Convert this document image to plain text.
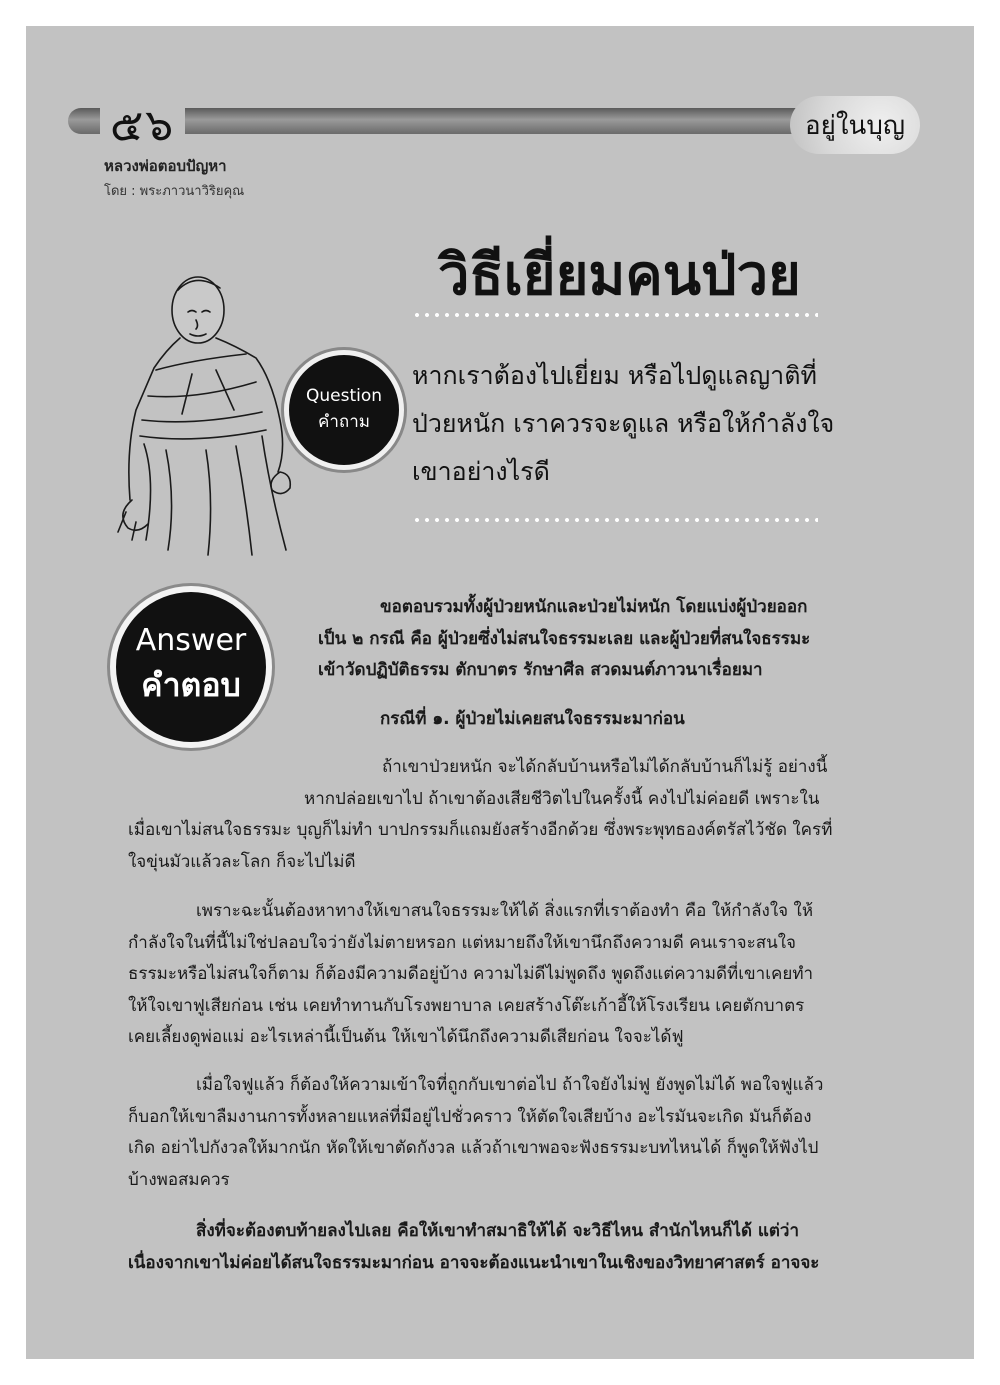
๕๖	อยู่ในบุญ
หลวงพ่อตอบปัญหา
โดย : พระภาวนาวิริยคุณ
วิธีเยี่ยมคนป่วย
Question
คำถาม
หากเราต้องไปเยี่ยม หรือไปดูแลญาติที่
ป่วยหนัก เราควรจะดูแล หรือให้กำลังใจ
เขาอย่างไรดี
Answer
คำตอบ
ขอตอบรวมทั้งผู้ป่วยหนักและป่วยไม่หนัก โดยแบ่งผู้ป่วยออก
เป็น ๒ กรณี คือ ผู้ป่วยซึ่งไม่สนใจธรรมะเลย และผู้ป่วยที่สนใจธรรมะ
เข้าวัดปฏิบัติธรรม ตักบาตร รักษาศีล สวดมนต์ภาวนาเรื่อยมา
กรณีที่ ๑. ผู้ป่วยไม่เคยสนใจธรรมะมาก่อน
ถ้าเขาป่วยหนัก จะได้กลับบ้านหรือไม่ได้กลับบ้านก็ไม่รู้ อย่างนี้
หากปล่อยเขาไป ถ้าเขาต้องเสียชีวิตไปในครั้งนี้ คงไปไม่ค่อยดี เพราะใน
เมื่อเขาไม่สนใจธรรมะ บุญก็ไม่ทำ บาปกรรมก็แถมยังสร้างอีกด้วย ซึ่งพระพุทธองค์ตรัสไว้ชัด ใครที่
ใจขุ่นมัวแล้วละโลก ก็จะไปไม่ดี
เพราะฉะนั้นต้องหาทางให้เขาสนใจธรรมะให้ได้ สิ่งแรกที่เราต้องทำ คือ ให้กำลังใจ ให้
กำลังใจในที่นี้ไม่ใช่ปลอบใจว่ายังไม่ตายหรอก แต่หมายถึงให้เขานึกถึงความดี คนเราจะสนใจ
ธรรมะหรือไม่สนใจก็ตาม ก็ต้องมีความดีอยู่บ้าง ความไม่ดีไม่พูดถึง พูดถึงแต่ความดีที่เขาเคยทำ
ให้ใจเขาฟูเสียก่อน เช่น เคยทำทานกับโรงพยาบาล เคยสร้างโต๊ะเก้าอี้ให้โรงเรียน เคยตักบาตร
เคยเลี้ยงดูพ่อแม่ อะไรเหล่านี้เป็นต้น ให้เขาได้นึกถึงความดีเสียก่อน ใจจะได้ฟู
เมื่อใจฟูแล้ว ก็ต้องให้ความเข้าใจที่ถูกกับเขาต่อไป ถ้าใจยังไม่ฟู ยังพูดไม่ได้ พอใจฟูแล้ว
ก็บอกให้เขาลืมงานการทั้งหลายแหล่ที่มีอยู่ไปชั่วคราว ให้ตัดใจเสียบ้าง อะไรมันจะเกิด มันก็ต้อง
เกิด อย่าไปกังวลให้มากนัก หัดให้เขาตัดกังวล แล้วถ้าเขาพอจะฟังธรรมะบทไหนได้ ก็พูดให้ฟังไป
บ้างพอสมควร
สิ่งที่จะต้องตบท้ายลงไปเลย คือให้เขาทำสมาธิให้ได้ จะวิธีไหน สำนักไหนก็ได้ แต่ว่า
เนื่องจากเขาไม่ค่อยได้สนใจธรรมะมาก่อน อาจจะต้องแนะนำเขาในเชิงของวิทยาศาสตร์ อาจจะ
